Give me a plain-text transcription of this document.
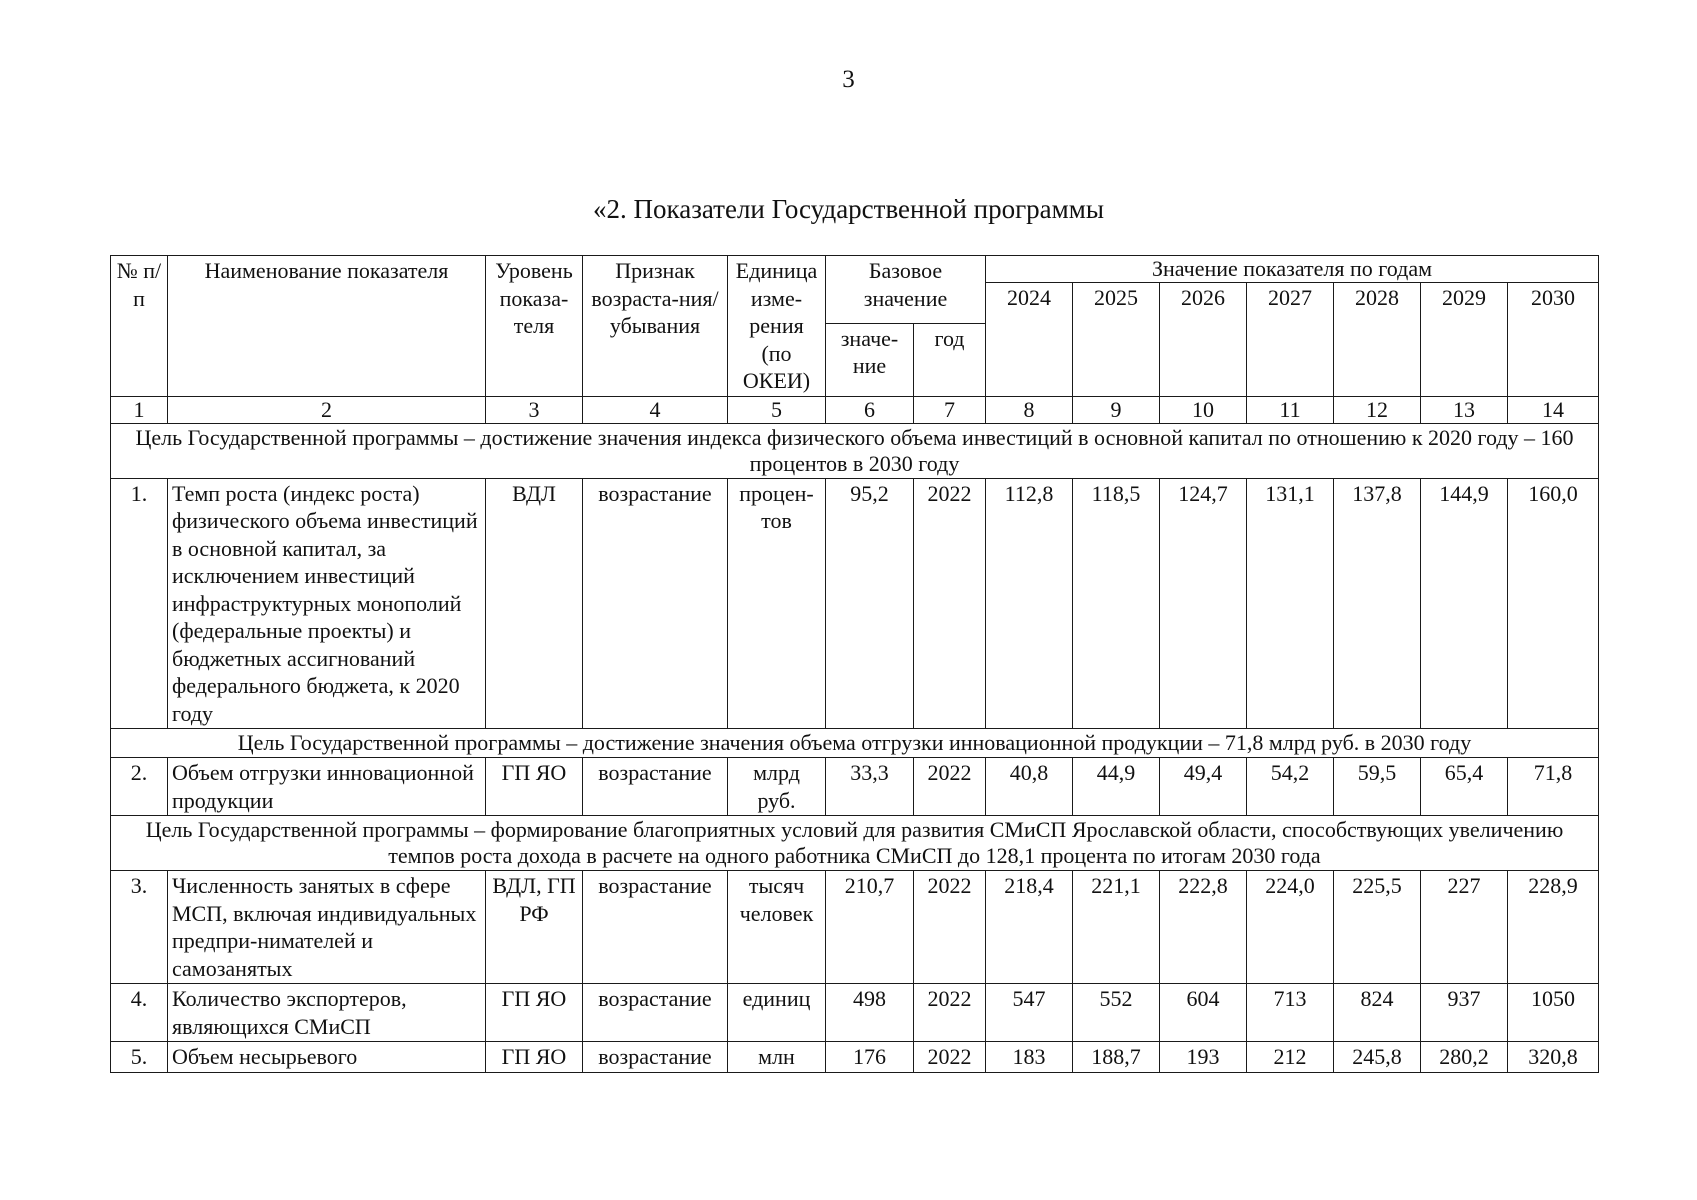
3
«2. Показатели Государственной программы
№ п/п	Наименование показателя	Уровень показа-теля	Признак возраста-ния/убывания	Единица изме-рения (по ОКЕИ)	Базовое значение		Значение показателя по годам						
							2024	2025	2026	2027	2028	2029	2030
					значе-ние	год							
1	2	3	4	5	6	7	8	9	10	11	12	13	14
Цель Государственной программы – достижение значения индекса физического объема инвестиций в основной капитал по отношению к 2020 году – 160 процентов в 2030 году													
1.	Темп роста (индекс роста) физического объема инвестиций в основной капитал, за исключением инвестиций инфраструктурных монополий (федеральные проекты) и бюджетных ассигнований федерального бюджета, к 2020 году	ВДЛ	возрастание	процен-тов	95,2	2022	112,8	118,5	124,7	131,1	137,8	144,9	160,0
Цель Государственной программы – достижение значения объема отгрузки инновационной продукции – 71,8 млрд руб. в 2030 году													
2.	Объем отгрузки инновационной продукции	ГП ЯО	возрастание	млрд руб.	33,3	2022	40,8	44,9	49,4	54,2	59,5	65,4	71,8
Цель Государственной программы – формирование благоприятных условий для развития СМиСП Ярославской области, способствующих увеличению темпов роста дохода в расчете на одного работника СМиСП до 128,1 процента по итогам 2030 года													
3.	Численность занятых в сфере МСП, включая индивидуальных предпри-нимателей и самозанятых	ВДЛ, ГП РФ	возрастание	тысяч человек	210,7	2022	218,4	221,1	222,8	224,0	225,5	227	228,9
4.	Количество экспортеров, являющихся СМиСП	ГП ЯО	возрастание	единиц	498	2022	547	552	604	713	824	937	1050
5.	Объем несырьевого	ГП ЯО	возрастание	млн	176	2022	183	188,7	193	212	245,8	280,2	320,8
